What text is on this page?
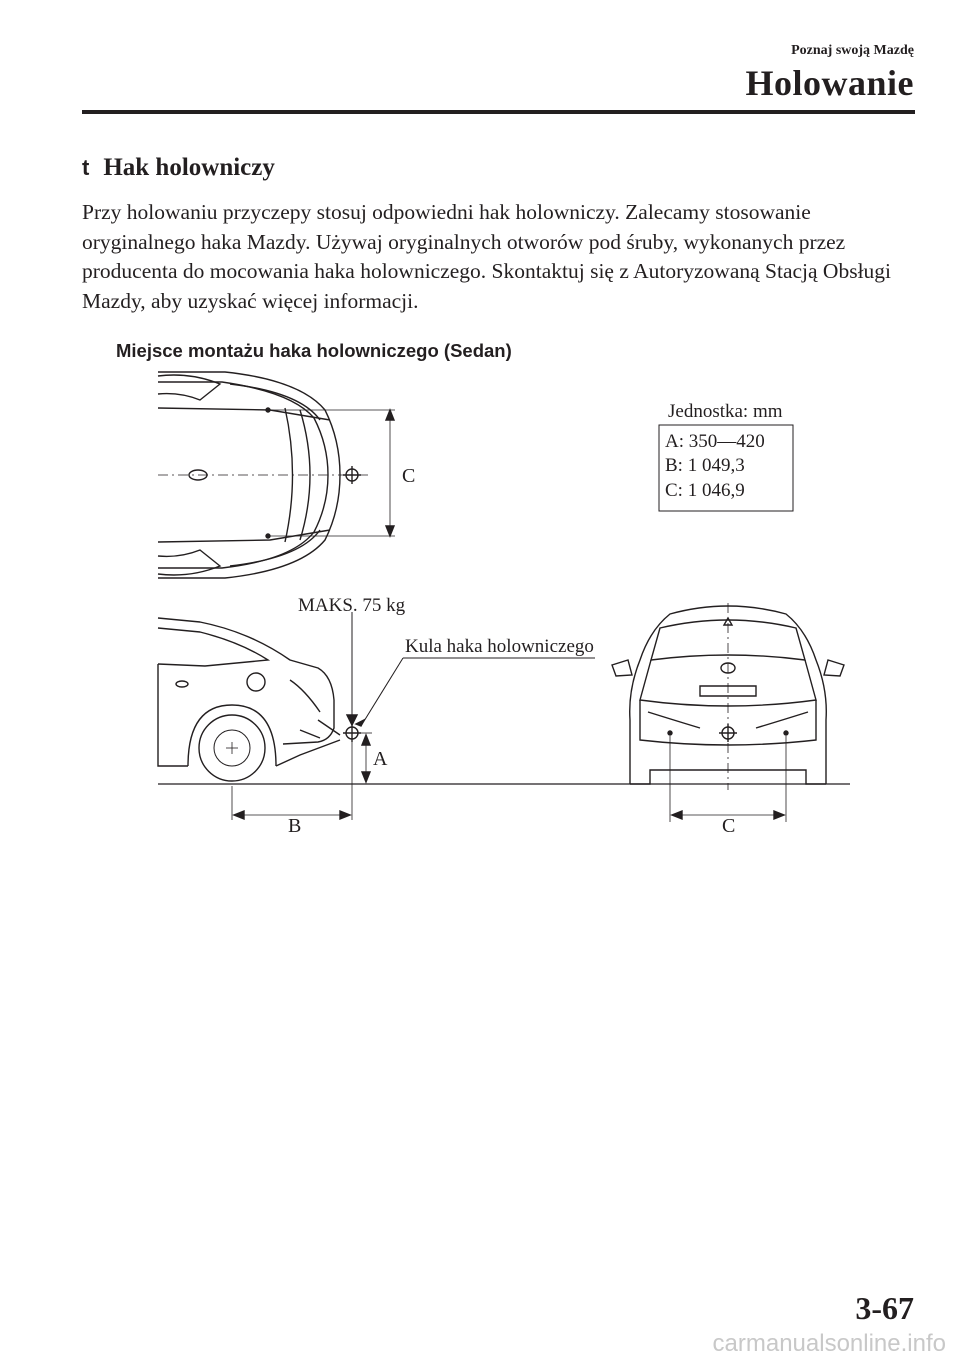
Poznaj swoją Mazdę
Holowanie
t Hak holowniczy
Przy holowaniu przyczepy stosuj odpowiedni hak holowniczy. Zalecamy stosowanie oryginalnego haka Mazdy. Używaj oryginalnych otworów pod śruby, wykonanych przez producenta do mocowania haka holowniczego. Skontaktuj się z Autoryzowaną Stacją Obsługi Mazdy, aby uzyskać więcej informacji.
Miejsce montażu haka holowniczego (Sedan)
C
Jednostka: mm
A: 350—420
B: 1 049,3
C: 1 046,9
MAKS. 75 kg
Kula haka holowniczego
A
B	C
3-67
carmanualsonline.info
